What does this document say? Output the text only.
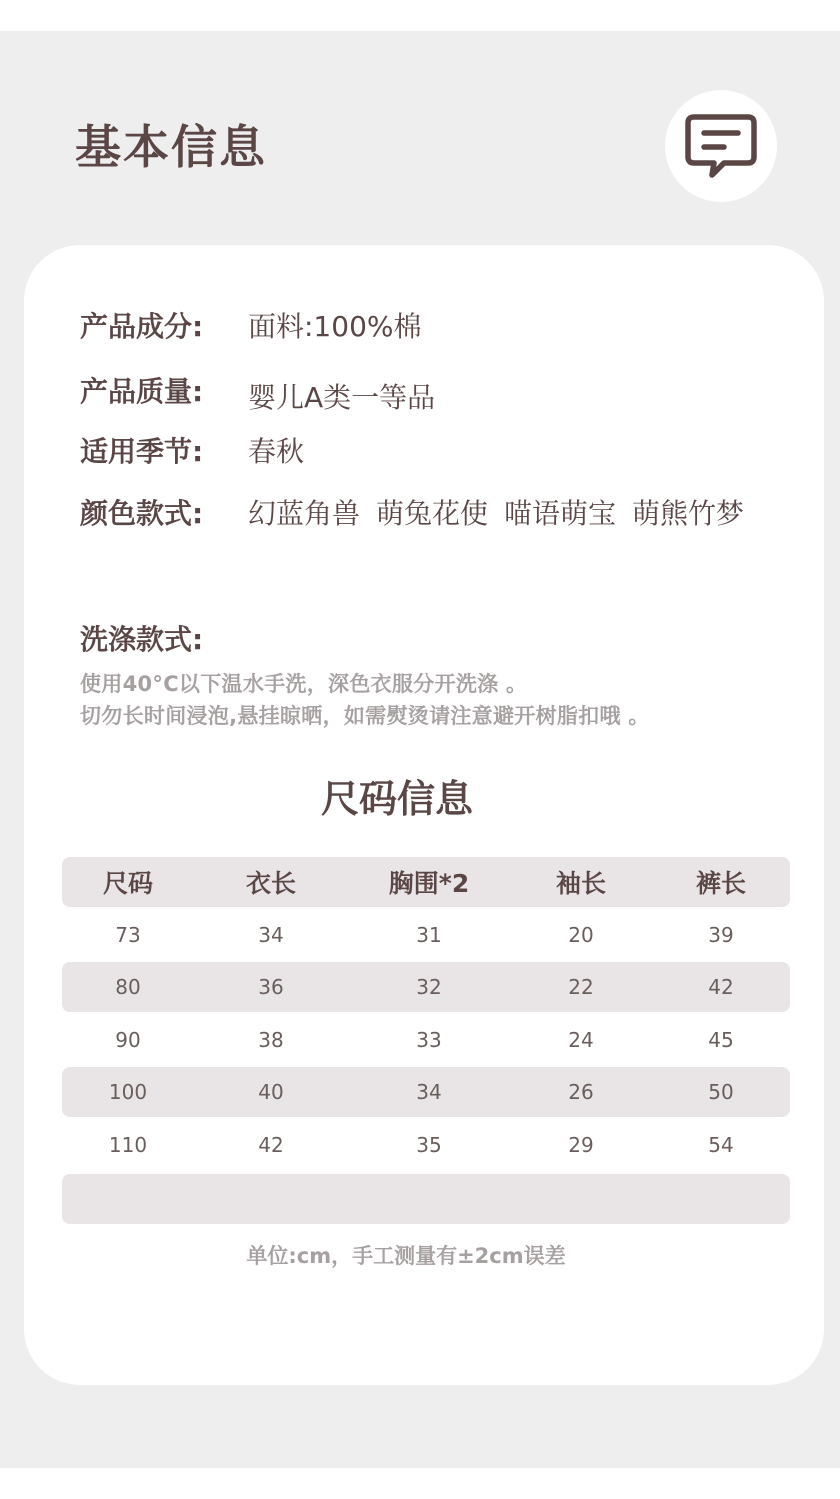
基本信息
产品成分:	面料:100%棉
产品质量:	婴儿A类一等品
适用季节:	春秋
颜色款式:	幻蓝角兽 萌兔花使 喵语萌宝 萌熊竹梦
洗涤款式:
使用40°C以下温水手洗，深色衣服分开洗涤 。
切勿长时间浸泡,悬挂晾晒，如需熨烫请注意避开树脂扣哦 。
尺码信息
尺码	衣长	胸围*2	袖长	裤长
73	34	31	20	39
80	36	32	22	42
90	38	33	24	45
100	40	34	26	50
110	42	35	29	54
单位:cm，手工测量有±2cm误差
